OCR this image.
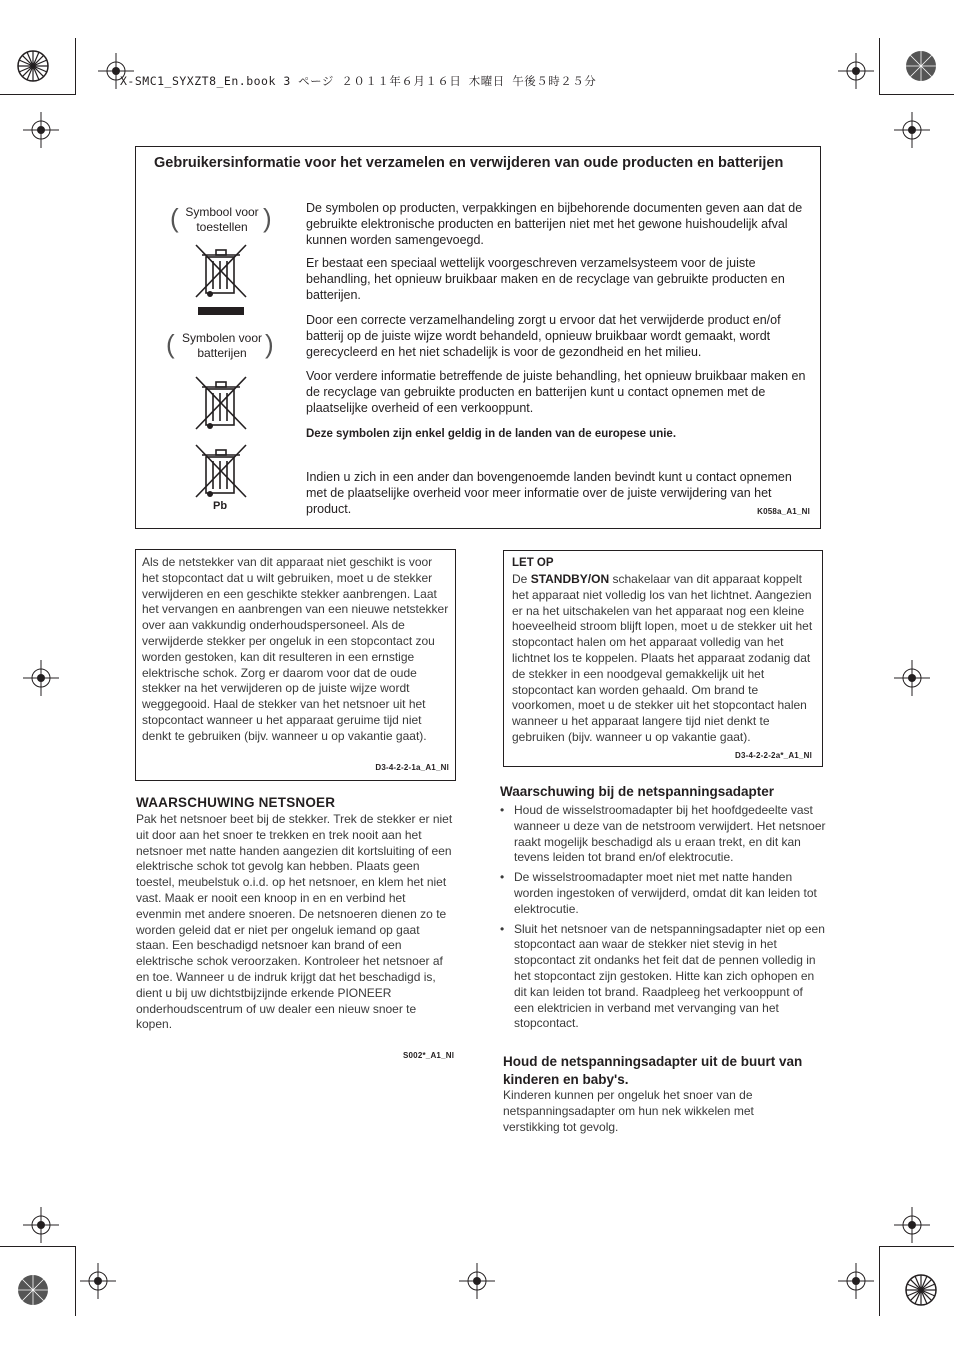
X-SMC1_SYXZT8_En.book 3 ページ ２０１１年６月１６日 木曜日 午後５時２５分
Gebruikersinformatie voor het verzamelen en verwijderen van oude producten en batterijen
( Symbool voor toestellen )
( Symbolen voor batterijen )
Pb
De symbolen op producten, verpakkingen en bijbehorende documenten geven aan dat de gebruikte elektronische producten en batterijen niet met het gewone huishoudelijk afval kunnen worden samengevoegd.
Er bestaat een speciaal wettelijk voorgeschreven verzamelsysteem voor de juiste behandling, het opnieuw bruikbaar maken en de recyclage van gebruikte producten en batterijen.
Door een correcte verzamelhandeling zorgt u ervoor dat het verwijderde product en/of batterij op de juiste wijze wordt behandeld, opnieuw bruikbaar wordt gemaakt, wordt gerecycleerd en het niet schadelijk is voor de gezondheid en het milieu.
Voor verdere informatie betreffende de juiste behandling, het opnieuw bruikbaar maken en de recyclage van gebruikte producten en batterijen kunt u contact opnemen met de plaatselijke overheid of een verkooppunt.
Deze symbolen zijn enkel geldig in de landen van de europese unie.
Indien u zich in een ander dan bovengenoemde landen bevindt kunt u contact opnemen met de plaatselijke overheid voor meer informatie over de juiste verwijdering van het product.	K058a_A1_Nl
Als de netstekker van dit apparaat niet geschikt is voor het stopcontact dat u wilt gebruiken, moet u de stekker verwijderen en een geschikte stekker aanbrengen. Laat het vervangen en aanbrengen van een nieuwe netstekker over aan vakkundig onderhoudspersoneel. Als de verwijderde stekker per ongeluk in een stopcontact zou worden gestoken, kan dit resulteren in een ernstige elektrische schok. Zorg er daarom voor dat de oude stekker na het verwijderen op de juiste wijze wordt weggegooid. Haal de stekker van het netsnoer uit het stopcontact wanneer u het apparaat geruime tijd niet denkt te gebruiken (bijv. wanneer u op vakantie gaat).
D3-4-2-2-1a_A1_Nl
LET OP
De STANDBY/ON schakelaar van dit apparaat koppelt het apparaat niet volledig los van het lichtnet. Aangezien er na het uitschakelen van het apparaat nog een kleine hoeveelheid stroom blijft lopen, moet u de stekker uit het stopcontact halen om het apparaat volledig van het lichtnet los te koppelen. Plaats het apparaat zodanig dat de stekker in een noodgeval gemakkelijk uit het stopcontact kan worden gehaald. Om brand te voorkomen, moet u de stekker uit het stopcontact halen wanneer u het apparaat langere tijd niet denkt te gebruiken (bijv. wanneer u op vakantie gaat).
D3-4-2-2-2a*_A1_Nl
WAARSCHUWING NETSNOER
Pak het netsnoer beet bij de stekker. Trek de stekker er niet uit door aan het snoer te trekken en trek nooit aan het netsnoer met natte handen aangezien dit kortsluiting of een elektrische schok tot gevolg kan hebben. Plaats geen toestel, meubelstuk o.i.d. op het netsnoer, en klem het niet vast. Maak er nooit een knoop in en en verbind het evenmin met andere snoeren. De netsnoeren dienen zo te worden geleid dat er niet per ongeluk iemand op gaat staan. Een beschadigd netsnoer kan brand of een elektrische schok veroorzaken. Kontroleer het netsnoer af en toe. Wanneer u de indruk krijgt dat het beschadigd is, dient u bij uw dichtstbijzijnde erkende PIONEER onderhoudscentrum of uw dealer een nieuw snoer te kopen.
S002*_A1_Nl
Waarschuwing bij de netspanningsadapter
• Houd de wisselstroomadapter bij het hoofdgedeelte vast wanneer u deze van de netstroom verwijdert. Het netsnoer raakt mogelijk beschadigd als u eraan trekt, en dit kan tevens leiden tot brand en/of elektrocutie.
• De wisselstroomadapter moet niet met natte handen worden ingestoken of verwijderd, omdat dit kan leiden tot elektrocutie.
• Sluit het netsnoer van de netspanningsadapter niet op een stopcontact aan waar de stekker niet stevig in het stopcontact zit ondanks het feit dat de pennen volledig in het stopcontact zijn gestoken. Hitte kan zich ophopen en dit kan leiden tot brand. Raadpleeg het verkooppunt of een elektricien in verband met vervanging van het stopcontact.
Houd de netspanningsadapter uit de buurt van kinderen en baby's.
Kinderen kunnen per ongeluk het snoer van de netspanningsadapter om hun nek wikkelen met verstikking tot gevolg.
